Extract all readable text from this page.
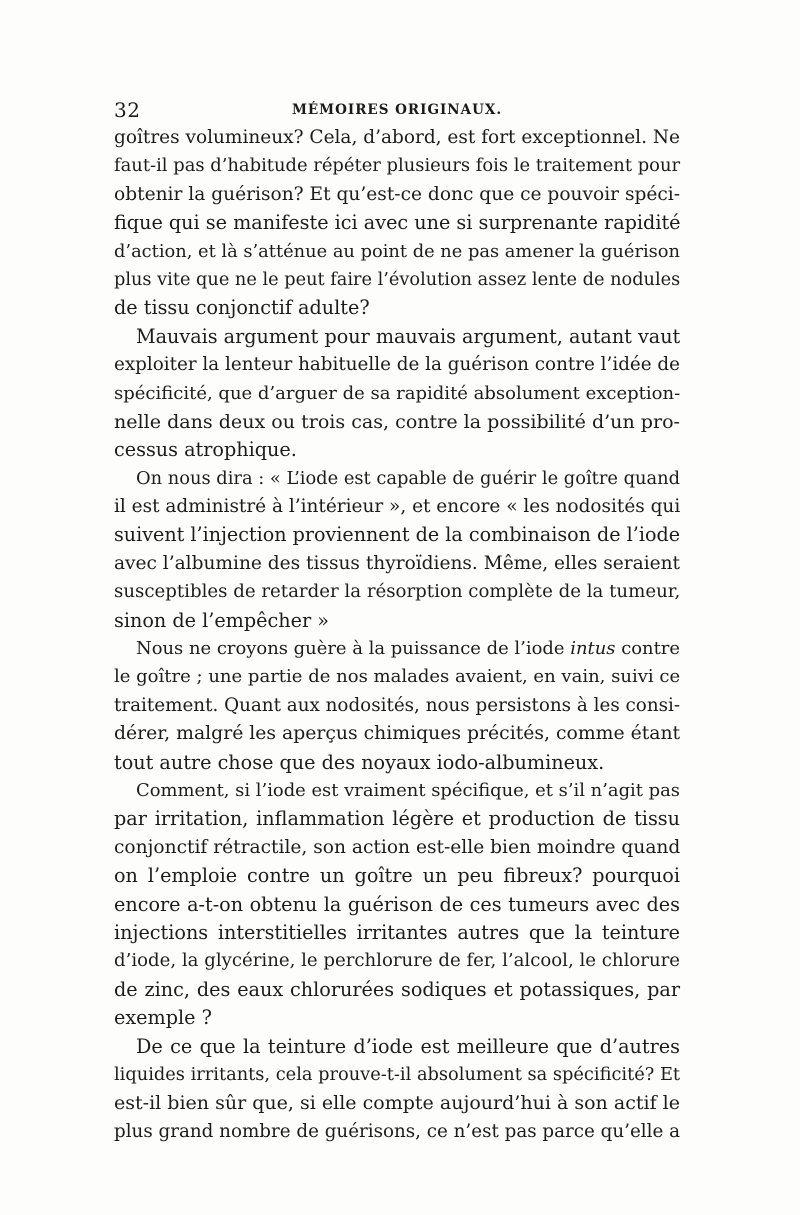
32	MÉMOIRES ORIGINAUX.
goîtres volumineux? Cela, d’abord, est fort exceptionnel. Ne
faut-il pas d’habitude répéter plusieurs fois le traitement pour
obtenir la guérison? Et qu’est-ce donc que ce pouvoir spéci-
fique qui se manifeste ici avec une si surprenante rapidité
d’action, et là s’atténue au point de ne pas amener la guérison
plus vite que ne le peut faire l’évolution assez lente de nodules
de tissu conjonctif adulte?
Mauvais argument pour mauvais argument, autant vaut
exploiter la lenteur habituelle de la guérison contre l’idée de
spécificité, que d’arguer de sa rapidité absolument exception-
nelle dans deux ou trois cas, contre la possibilité d’un pro-
cessus atrophique.
On nous dira : « L’iode est capable de guérir le goître quand
il est administré à l’intérieur », et encore « les nodosités qui
suivent l’injection proviennent de la combinaison de l’iode
avec l’albumine des tissus thyroïdiens. Même, elles seraient
susceptibles de retarder la résorption complète de la tumeur,
sinon de l’empêcher »
Nous ne croyons guère à la puissance de l’iode intus contre
le goître ; une partie de nos malades avaient, en vain, suivi ce
traitement. Quant aux nodosités, nous persistons à les consi-
dérer, malgré les aperçus chimiques précités, comme étant
tout autre chose que des noyaux iodo-albumineux.
Comment, si l’iode est vraiment spécifique, et s’il n’agit pas
par irritation, inflammation légère et production de tissu
conjonctif rétractile, son action est-elle bien moindre quand
on l’emploie contre un goître un peu fibreux? pourquoi
encore a-t-on obtenu la guérison de ces tumeurs avec des
injections interstitielles irritantes autres que la teinture
d’iode, la glycérine, le perchlorure de fer, l’alcool, le chlorure
de zinc, des eaux chlorurées sodiques et potassiques, par
exemple ?
De ce que la teinture d’iode est meilleure que d’autres
liquides irritants, cela prouve-t-il absolument sa spécificité? Et
est-il bien sûr que, si elle compte aujourd’hui à son actif le
plus grand nombre de guérisons, ce n’est pas parce qu’elle a
